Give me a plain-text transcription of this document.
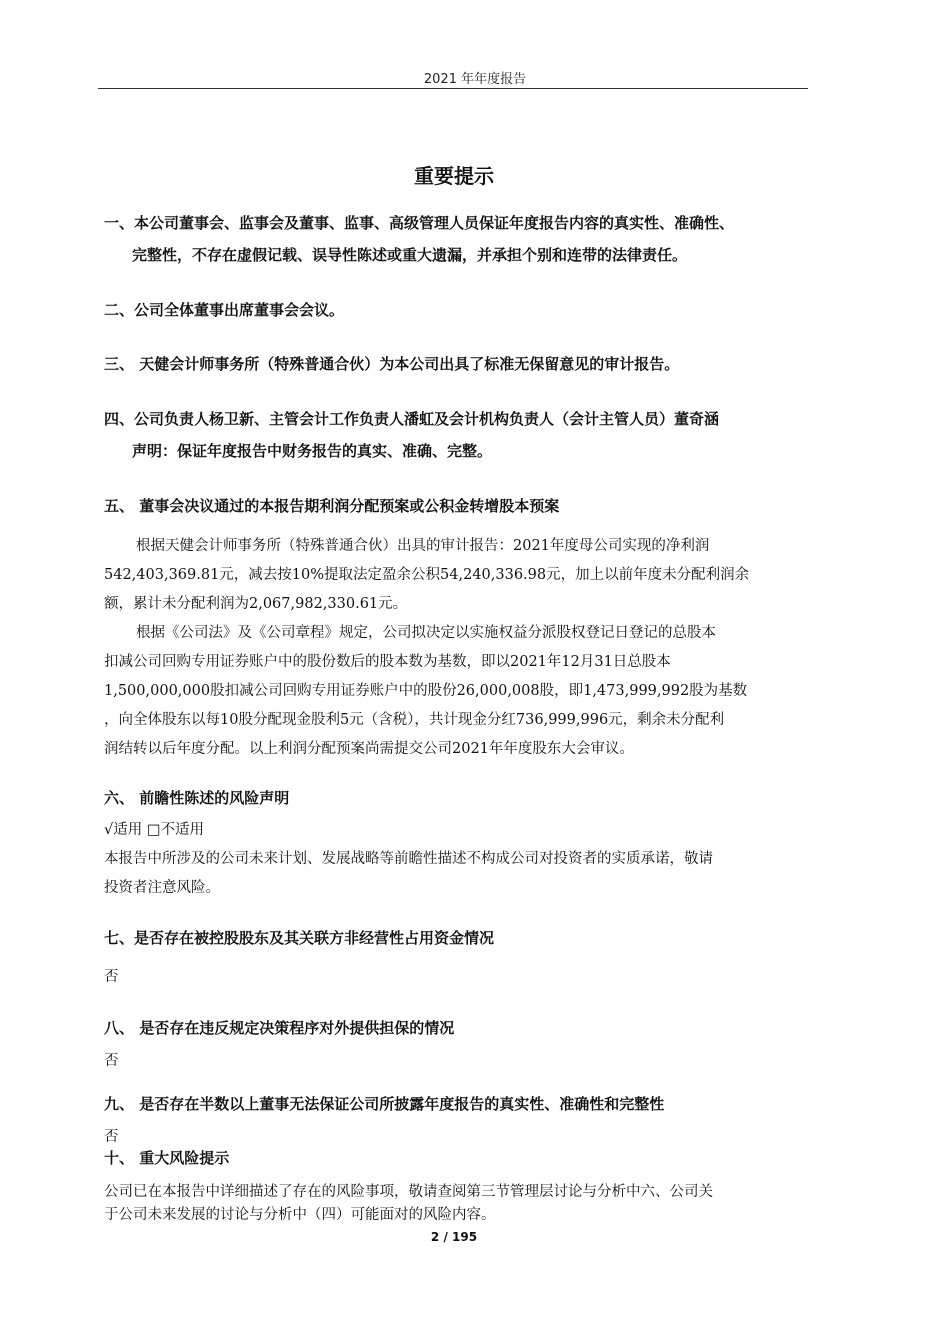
2021 年年度报告
重要提示
一、本公司董事会、监事会及董事、监事、高级管理人员保证年度报告内容的真实性、准确性、
完整性，不存在虚假记载、误导性陈述或重大遗漏，并承担个别和连带的法律责任。
二、公司全体董事出席董事会会议。
三、 天健会计师事务所（特殊普通合伙）为本公司出具了标准无保留意见的审计报告。
四、公司负责人杨卫新、主管会计工作负责人潘虹及会计机构负责人（会计主管人员）董奇涵
声明：保证年度报告中财务报告的真实、准确、完整。
五、 董事会决议通过的本报告期利润分配预案或公积金转增股本预案
根据天健会计师事务所（特殊普通合伙）出具的审计报告：2021年度母公司实现的净利润
542,403,369.81元，减去按10%提取法定盈余公积54,240,336.98元，加上以前年度未分配利润余
额，累计未分配利润为2,067,982,330.61元。
根据《公司法》及《公司章程》规定，公司拟决定以实施权益分派股权登记日登记的总股本
扣减公司回购专用证券账户中的股份数后的股本数为基数，即以2021年12月31日总股本
1,500,000,000股扣减公司回购专用证券账户中的股份26,000,008股，即1,473,999,992股为基数
，向全体股东以每10股分配现金股利5元（含税），共计现金分红736,999,996元，剩余未分配利
润结转以后年度分配。以上利润分配预案尚需提交公司2021年年度股东大会审议。
六、 前瞻性陈述的风险声明
√适用 □不适用
本报告中所涉及的公司未来计划、发展战略等前瞻性描述不构成公司对投资者的实质承诺，敬请
投资者注意风险。
七、是否存在被控股股东及其关联方非经营性占用资金情况
否
八、 是否存在违反规定决策程序对外提供担保的情况
否
九、 是否存在半数以上董事无法保证公司所披露年度报告的真实性、准确性和完整性
否
十、 重大风险提示
公司已在本报告中详细描述了存在的风险事项，敬请查阅第三节管理层讨论与分析中六、公司关
于公司未来发展的讨论与分析中（四）可能面对的风险内容。
2 / 195
